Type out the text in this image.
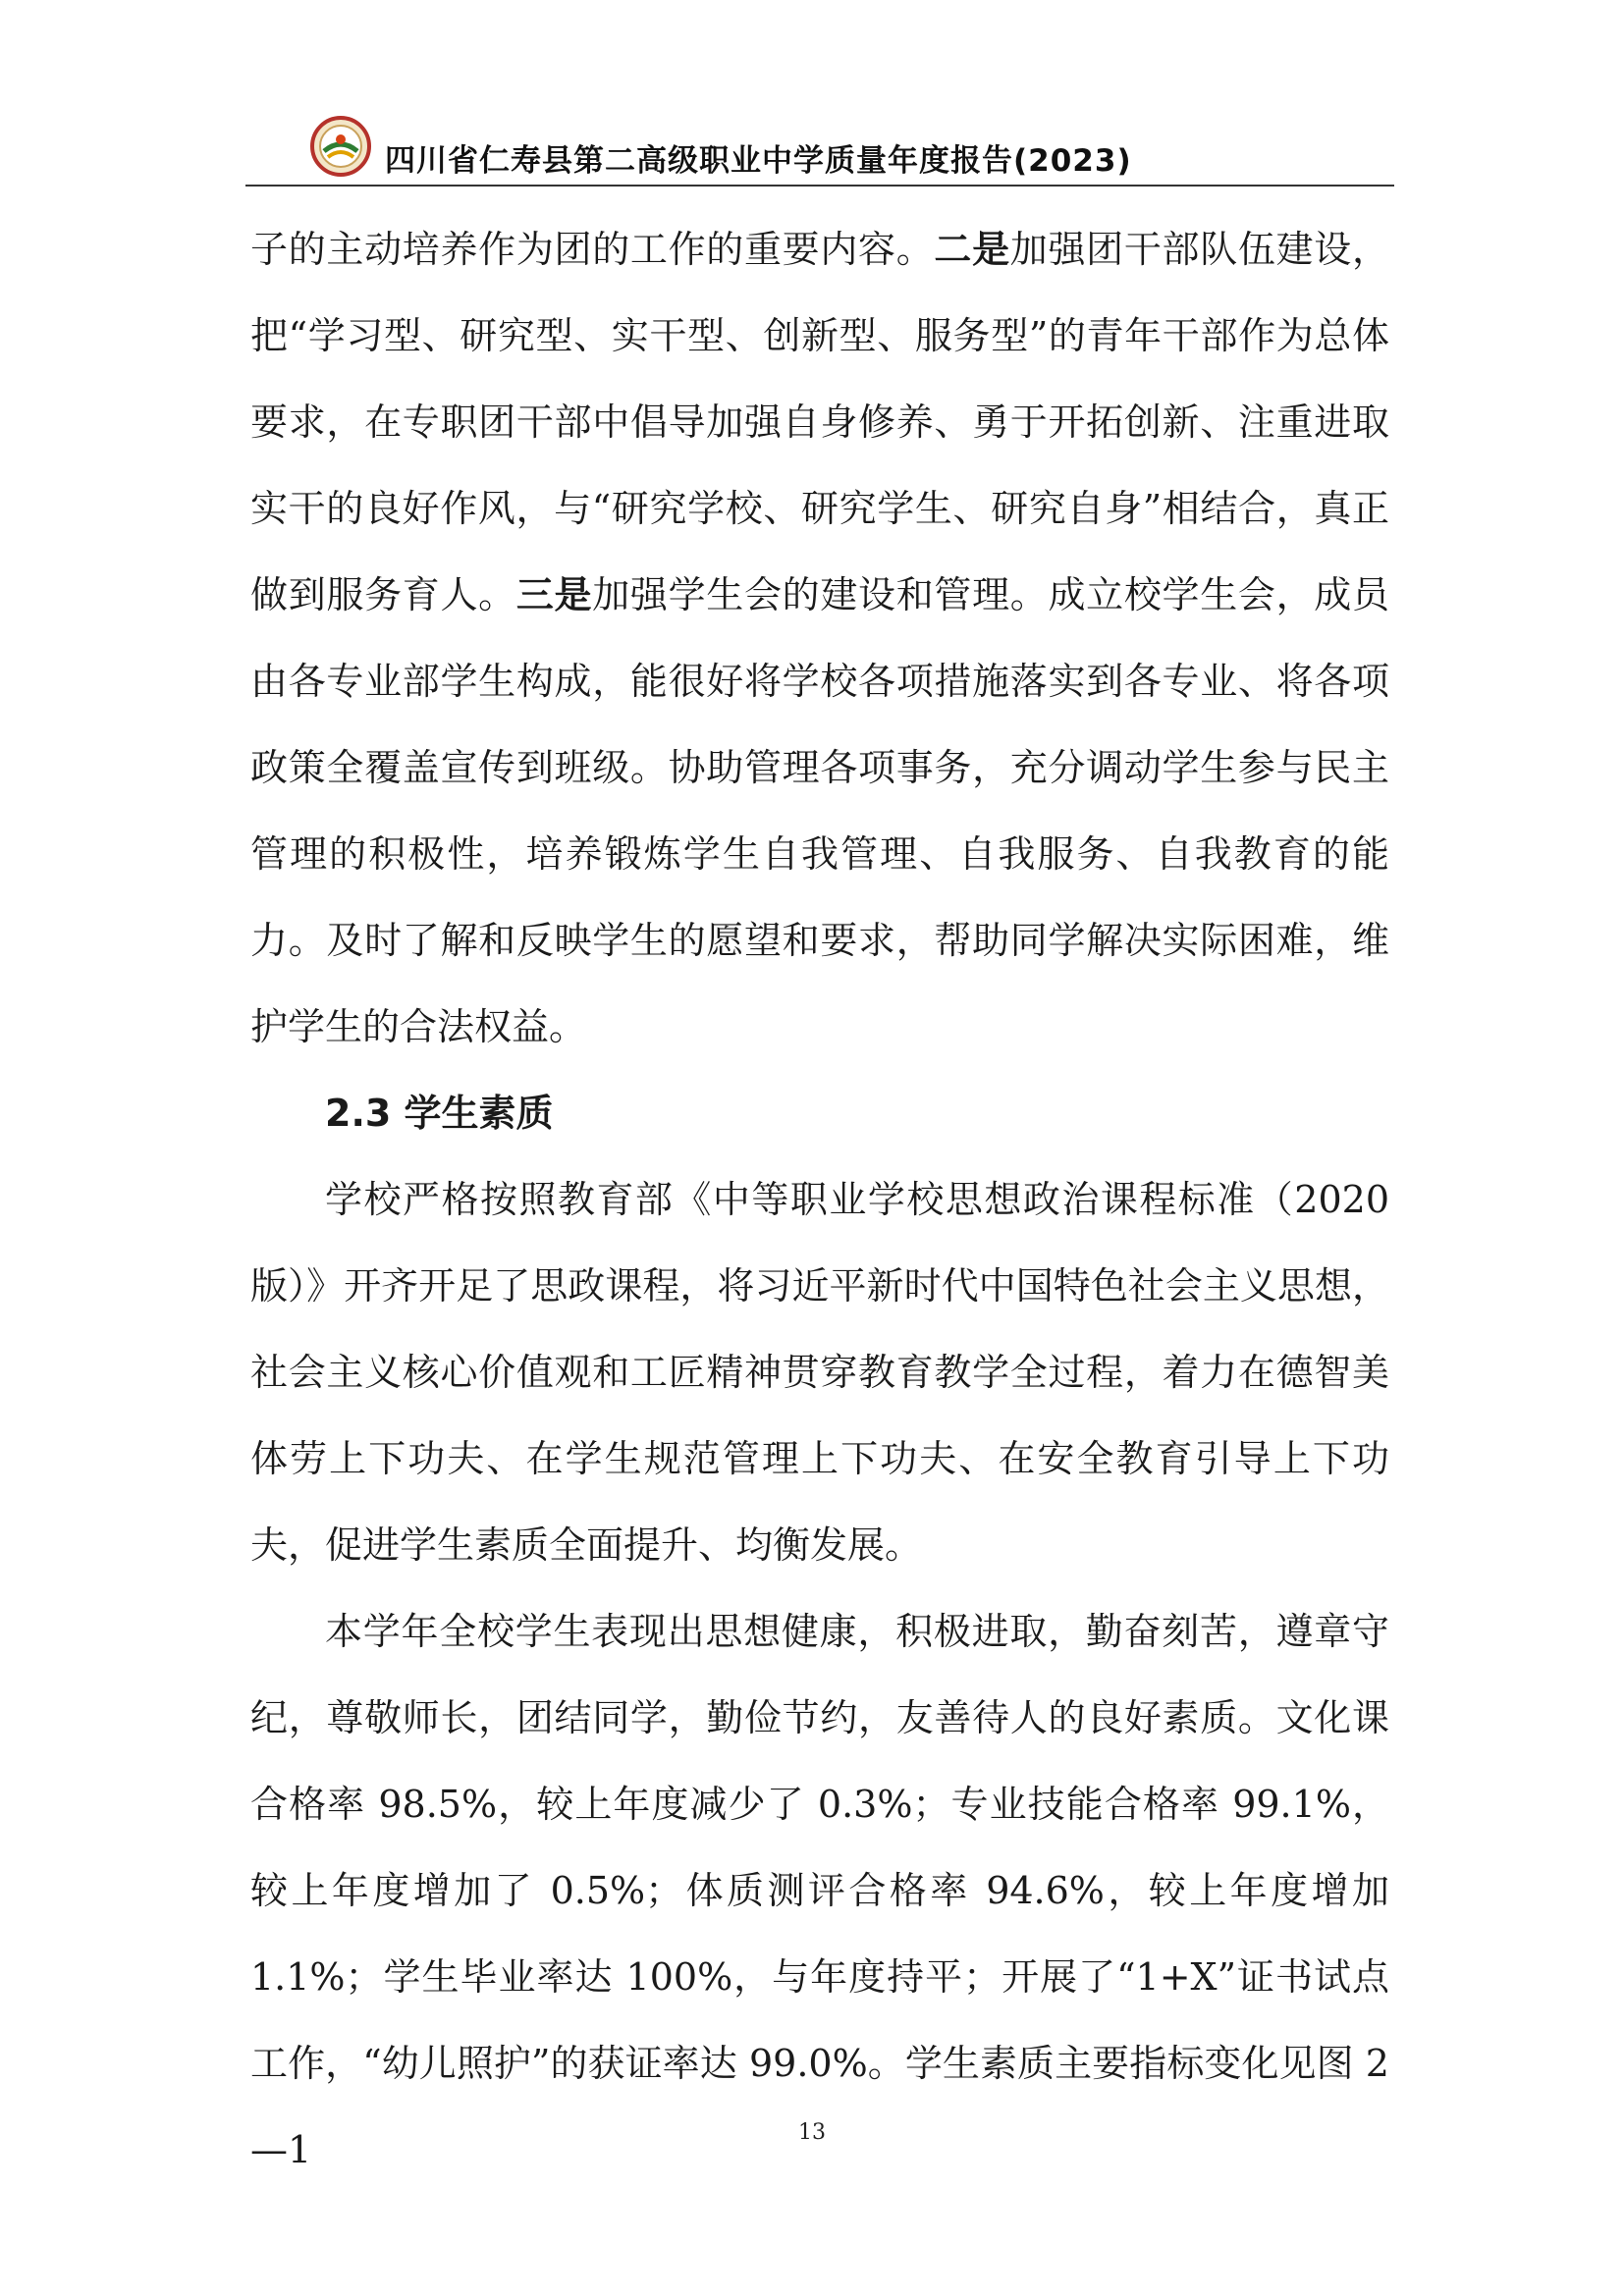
四川省仁寿县第二高级职业中学质量年度报告(2023)

子的主动培养作为团的工作的重要内容。二是加强团干部队伍建设，把“学习型、研究型、实干型、创新型、服务型”的青年干部作为总体要求，在专职团干部中倡导加强自身修养、勇于开拓创新、注重进取实干的良好作风，与“研究学校、研究学生、研究自身”相结合，真正做到服务育人。三是加强学生会的建设和管理。成立校学生会，成员由各专业部学生构成，能很好将学校各项措施落实到各专业、将各项政策全覆盖宣传到班级。协助管理各项事务，充分调动学生参与民主管理的积极性，培养锻炼学生自我管理、自我服务、自我教育的能力。及时了解和反映学生的愿望和要求，帮助同学解决实际困难，维护学生的合法权益。

2.3 学生素质

学校严格按照教育部《中等职业学校思想政治课程标准（2020版）》开齐开足了思政课程，将习近平新时代中国特色社会主义思想，社会主义核心价值观和工匠精神贯穿教育教学全过程，着力在德智美体劳上下功夫、在学生规范管理上下功夫、在安全教育引导上下功夫，促进学生素质全面提升、均衡发展。

本学年全校学生表现出思想健康，积极进取，勤奋刻苦，遵章守纪，尊敬师长，团结同学，勤俭节约，友善待人的良好素质。文化课合格率 98.5%，较上年度减少了 0.3%；专业技能合格率 99.1%，较上年度增加了 0.5%；体质测评合格率 94.6%，较上年度增加 1.1%；学生毕业率达 100%，与年度持平；开展了“1+X”证书试点工作，“幼儿照护”的获证率达 99.0%。学生素质主要指标变化见图 2—1	13
